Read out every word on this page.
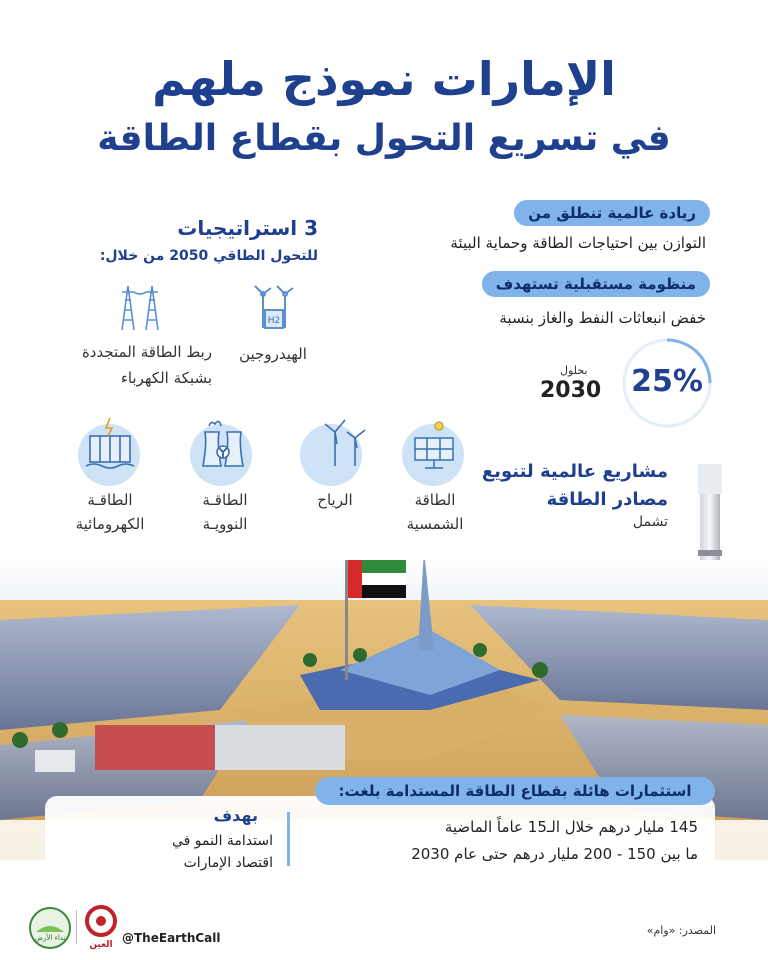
الإمارات نموذج ملهم
في تسريع التحول بقطاع الطاقة
ريادة عالمية تنطلق من
التوازن بين احتياجات الطاقة وحماية البيئة
منظومة مستقبلية تستهدف
خفض انبعاثات النفط والغاز بنسبة
25%
بحلول
2030
3 استراتيجيات
للتحول الطاقي 2050 من خلال:
H2
الهيدروجين
ربط الطاقة المتجددة
بشبكة الكهرباء
الطاقة
الشمسية
الرياح
الطاقـة
النوويـة
الطاقـة
الكهرومائية
مشاريع عالمية لتنويع
مصادر الطاقة
تشمل
استثمارات هائلة بقطاع الطاقة المستدامة بلغت:
145 مليار درهم خلال الـ15 عاماً الماضية
ما بين 150 - 200 مليار درهم حتى عام 2030
بهدف
استدامة النمو في
اقتصاد الإمارات
نداء الأرض
العين @TheEarthCall
المصدر: «وام»
